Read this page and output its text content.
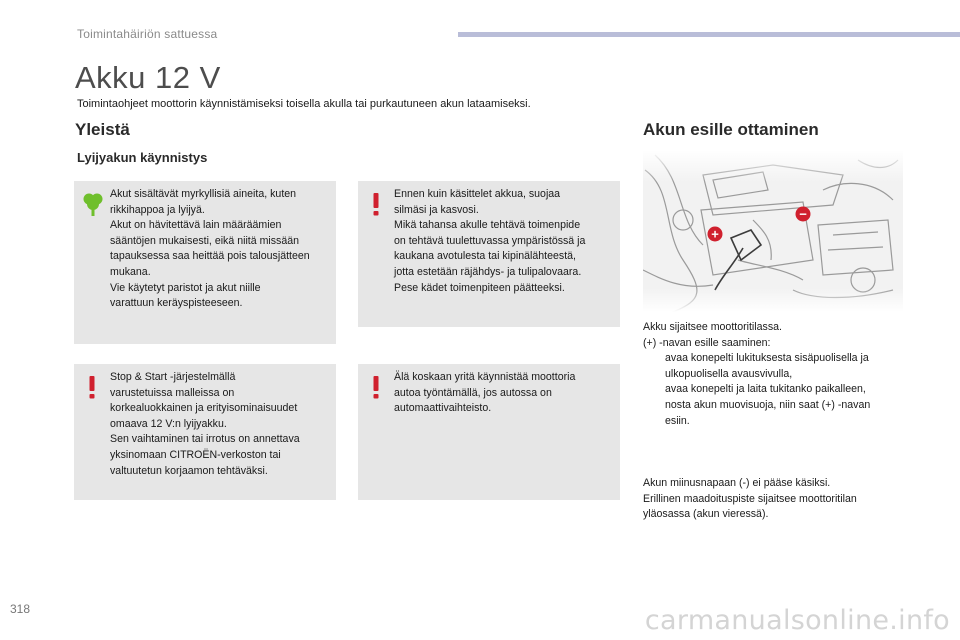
Toimintahäiriön sattuessa
Akku 12 V
Toimintaohjeet moottorin käynnistämiseksi toisella akulla tai purkautuneen akun lataamiseksi.
Yleistä
Lyijyakun käynnistys

Akut sisältävät myrkyllisiä aineita, kuten

rikkihappoa ja lyijyä.

Akut on hävitettävä lain määräämien

sääntöjen mukaisesti, eikä niitä missään

tapauksessa saa heittää pois talousjätteen

mukana.

Vie käytetyt paristot ja akut niille

varattuun keräyspisteeseen.

Ennen kuin käsittelet akkua, suojaa

silmäsi ja kasvosi.

Mikä tahansa akulle tehtävä toimenpide

on tehtävä tuulettuvassa ympäristössä ja

kaukana avotulesta tai kipinälähteestä,

jotta estetään räjähdys- ja tulipalovaara.

Pese kädet toimenpiteen päätteeksi.

Stop & Start -järjestelmällä

varustetuissa malleissa on

korkealuokkainen ja erityisominaisuudet

omaava 12 V:n lyijyakku.

Sen vaihtaminen tai irrotus on annettava

yksinomaan CITROËN-verkoston tai

valtuutetun korjaamon tehtäväksi.

Älä koskaan yritä käynnistää moottoria

autoa työntämällä, jos autossa on

automaattivaihteisto.

Akun esille ottaminen
+
−

Akku sijaitsee moottoritilassa.

(+) -navan esille saaminen:

avaa konepelti lukituksesta sisäpuolisella ja

ulkopuolisella avausvivulla,

avaa konepelti ja laita tukitanko paikalleen,

nosta akun muovisuoja, niin saat (+) -navan

esiin.

Akun miinusnapaan (-) ei pääse käsiksi.

Erillinen maadoituspiste sijaitsee moottoritilan

yläosassa (akun vieressä).

318	carmanualsonline.info
